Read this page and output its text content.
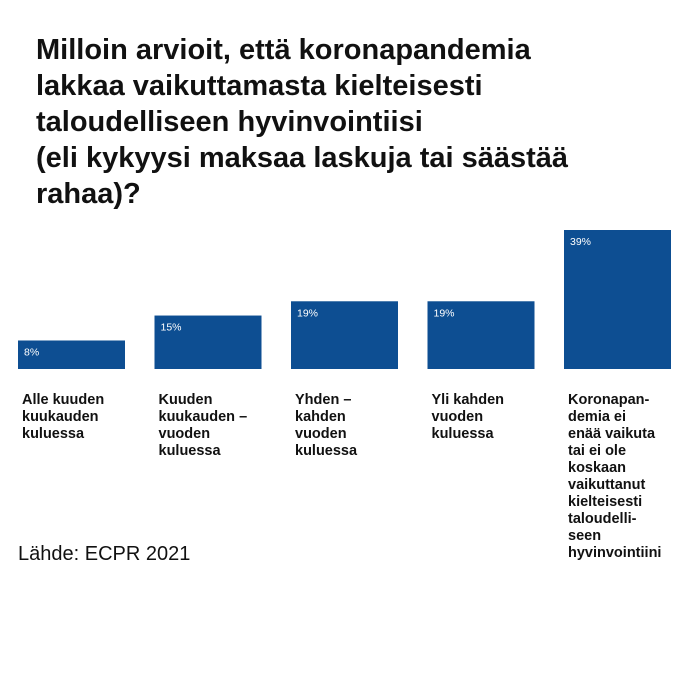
Milloin arvioit, että koronapandemia
lakkaa vaikuttamasta kielteisesti
taloudelliseen hyvinvointiisi
(eli kykyysi maksaa laskuja tai säästää
rahaa)?
8%
15%
19%	19%
39%
Alle kuuden
kuukauden
kuluessa
Kuuden
kuukauden –
vuoden
kuluessa
Yhden –
kahden
vuoden
kuluessa
Yli kahden
vuoden
kuluessa
Koronapan-
demia ei
enää vaikuta
tai ei ole
koskaan
vaikuttanut
kielteisesti
taloudelli-
seen
hyvinvointiini
Lähde: ECPR 2021
